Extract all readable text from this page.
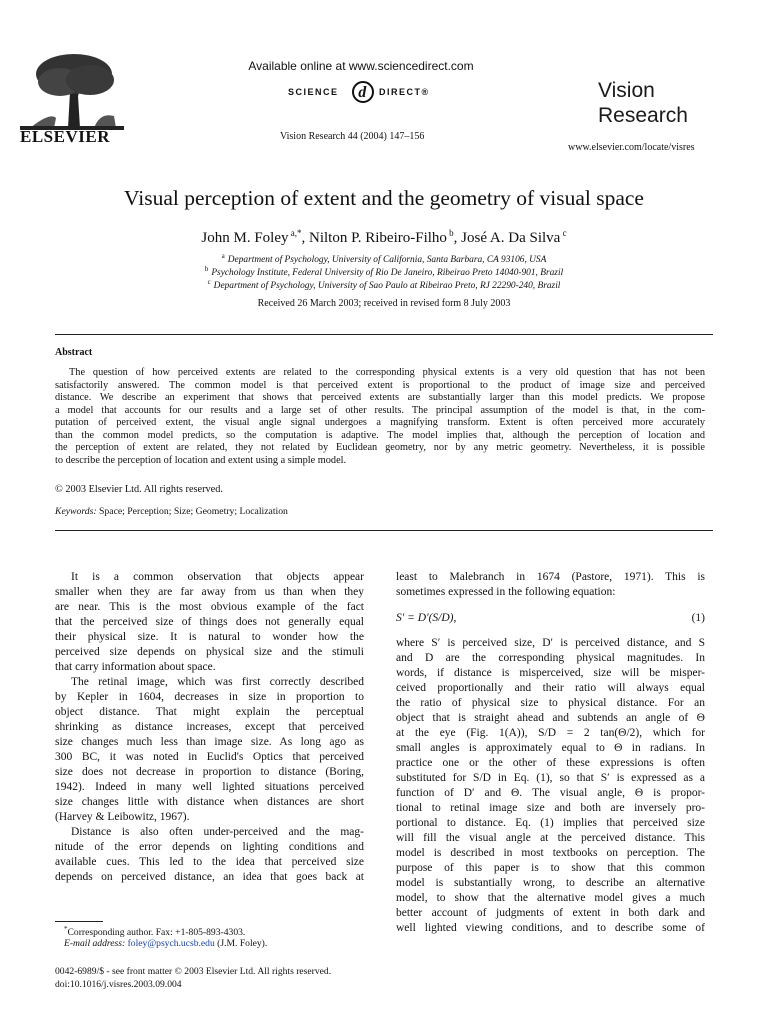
ELSEVIER
Available online at www.sciencedirect.com
SCIENCE d DIRECT®
Vision Research 44 (2004) 147–156
Vision
Research
www.elsevier.com/locate/visres
Visual perception of extent and the geometry of visual space
John M. Foley $^{a,*}$, Nilton P. Ribeiro-Filho $^b$, José A. Da Silva $^c$
$^a$ Department of Psychology, University of California, Santa Barbara, CA 93106, USA
$^b$ Psychology Institute, Federal University of Rio De Janeiro, Ribeirao Preto 14040-901, Brazil
$^c$ Department of Psychology, University of Sao Paulo at Ribeirao Preto, RJ 22290-240, Brazil
Received 26 March 2003; received in revised form 8 July 2003
Abstract
The question of how perceived extents are related to the corresponding physical extents is a very old question that has not been
satisfactorily answered. The common model is that perceived extent is proportional to the product of image size and perceived
distance. We describe an experiment that shows that perceived extents are substantially larger than this model predicts. We propose
a model that accounts for our results and a large set of other results. The principal assumption of the model is that, in the com-
putation of perceived extent, the visual angle signal undergoes a magnifying transform. Extent is often perceived more accurately
than the common model predicts, so the computation is adaptive. The model implies that, although the perception of location and
the perception of extent are related, they not related by Euclidean geometry, nor by any metric geometry. Nevertheless, it is possible
to describe the perception of location and extent using a simple model.
© 2003 Elsevier Ltd. All rights reserved.
Keywords: Space; Perception; Size; Geometry; Localization
It is a common observation that objects appear
smaller when they are far away from us than when they
are near. This is the most obvious example of the fact
that the perceived size of things does not generally equal
their physical size. It is natural to wonder how the
perceived size depends on physical size and the stimuli
that carry information about space.
The retinal image, which was first correctly described
by Kepler in 1604, decreases in size in proportion to
object distance. That might explain the perceptual
shrinking as distance increases, except that perceived
size changes much less than image size. As long ago as
300 BC, it was noted in Euclid's Optics that perceived
size does not decrease in proportion to distance (Boring,
1942). Indeed in many well lighted situations perceived
size changes little with distance when distances are short
(Harvey & Leibowitz, 1967).
Distance is also often under-perceived and the mag-
nitude of the error depends on lighting conditions and
available cues. This led to the idea that perceived size
depends on perceived distance, an idea that goes back at
least to Malebranch in 1674 (Pastore, 1971). This is
sometimes expressed in the following equation:
S′ = D′(S/D),	(1)
where S′ is perceived size, D′ is perceived distance, and S
and D are the corresponding physical magnitudes. In
words, if distance is misperceived, size will be misper-
ceived proportionally and their ratio will always equal
the ratio of physical size to physical distance. For an
object that is straight ahead and subtends an angle of Θ
at the eye (Fig. 1(A)), S/D = 2 tan(Θ/2), which for
small angles is approximately equal to Θ in radians. In
practice one or the other of these expressions is often
substituted for S/D in Eq. (1), so that S′ is expressed as a
function of D′ and Θ. The visual angle, Θ is propor-
tional to retinal image size and both are inversely pro-
portional to distance. Eq. (1) implies that perceived size
will fill the visual angle at the perceived distance. This
model is described in most textbooks on perception. The
purpose of this paper is to show that this common
model is substantially wrong, to describe an alternative
model, to show that the alternative model gives a much
better account of judgments of extent in both dark and
well lighted viewing conditions, and to describe some of
*Corresponding author. Fax: +1-805-893-4303.
E-mail address: foley@psych.ucsb.edu (J.M. Foley).
0042-6989/$ - see front matter © 2003 Elsevier Ltd. All rights reserved.
doi:10.1016/j.visres.2003.09.004
